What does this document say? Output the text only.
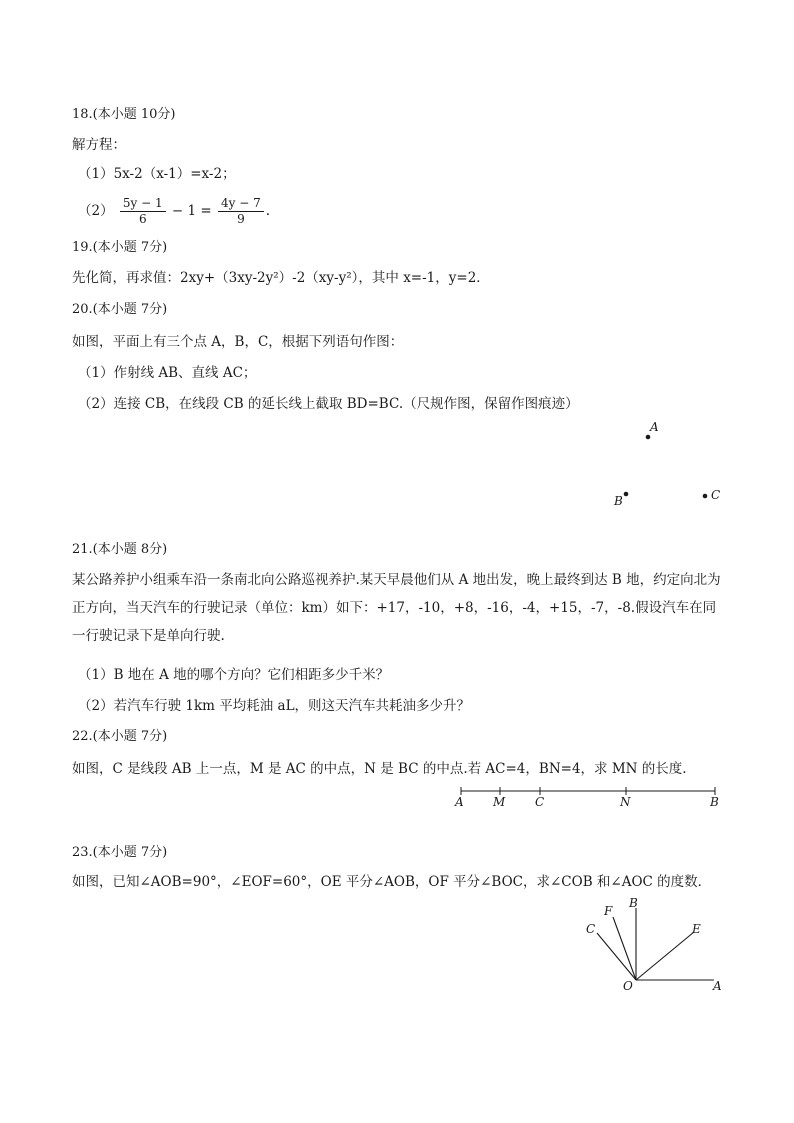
18.(本小题 10分)
解方程：
（1）5x-2（x-1）=x-2；
$(2) \frac{5y - 1}{6} - 1 = \frac{4y - 7}{9}$ .
19.(本小题 7分)
先化简，再求值：2xy+（3xy-2y²）-2（xy-y²），其中 x=-1，y=2．
20.(本小题 7分)
如图，平面上有三个点 A，B，C，根据下列语句作图：
（1）作射线 AB、直线 AC；
（2）连接 CB，在线段 CB 的延长线上截取 BD=BC.（尺规作图，保留作图痕迹）
A
B	C
A M C	N	B
F
B
C	E
O	A
21.(本小题 8分)
某公路养护小组乘车沿一条南北向公路巡视养护.某天早晨他们从 A 地出发，晚上最终到达 B 地，约定向北为正方向，当天汽车的行驶记录（单位：km）如下：+17，-10，+8，-16，-4，+15，-7，-8.假设汽车在同一行驶记录下是单向行驶.
（1）B 地在 A 地的哪个方向？它们相距多少千米？
（2）若汽车行驶 1km 平均耗油 aL，则这天汽车共耗油多少升？
22.(本小题 7分)
如图，C 是线段 AB 上一点，M 是 AC 的中点，N 是 BC 的中点.若 AC=4，BN=4，求 MN 的长度.
23.(本小题 7分)
如图，已知∠AOB=90°，∠EOF=60°，OE 平分∠AOB，OF 平分∠BOC，求∠COB 和∠AOC 的度数．
